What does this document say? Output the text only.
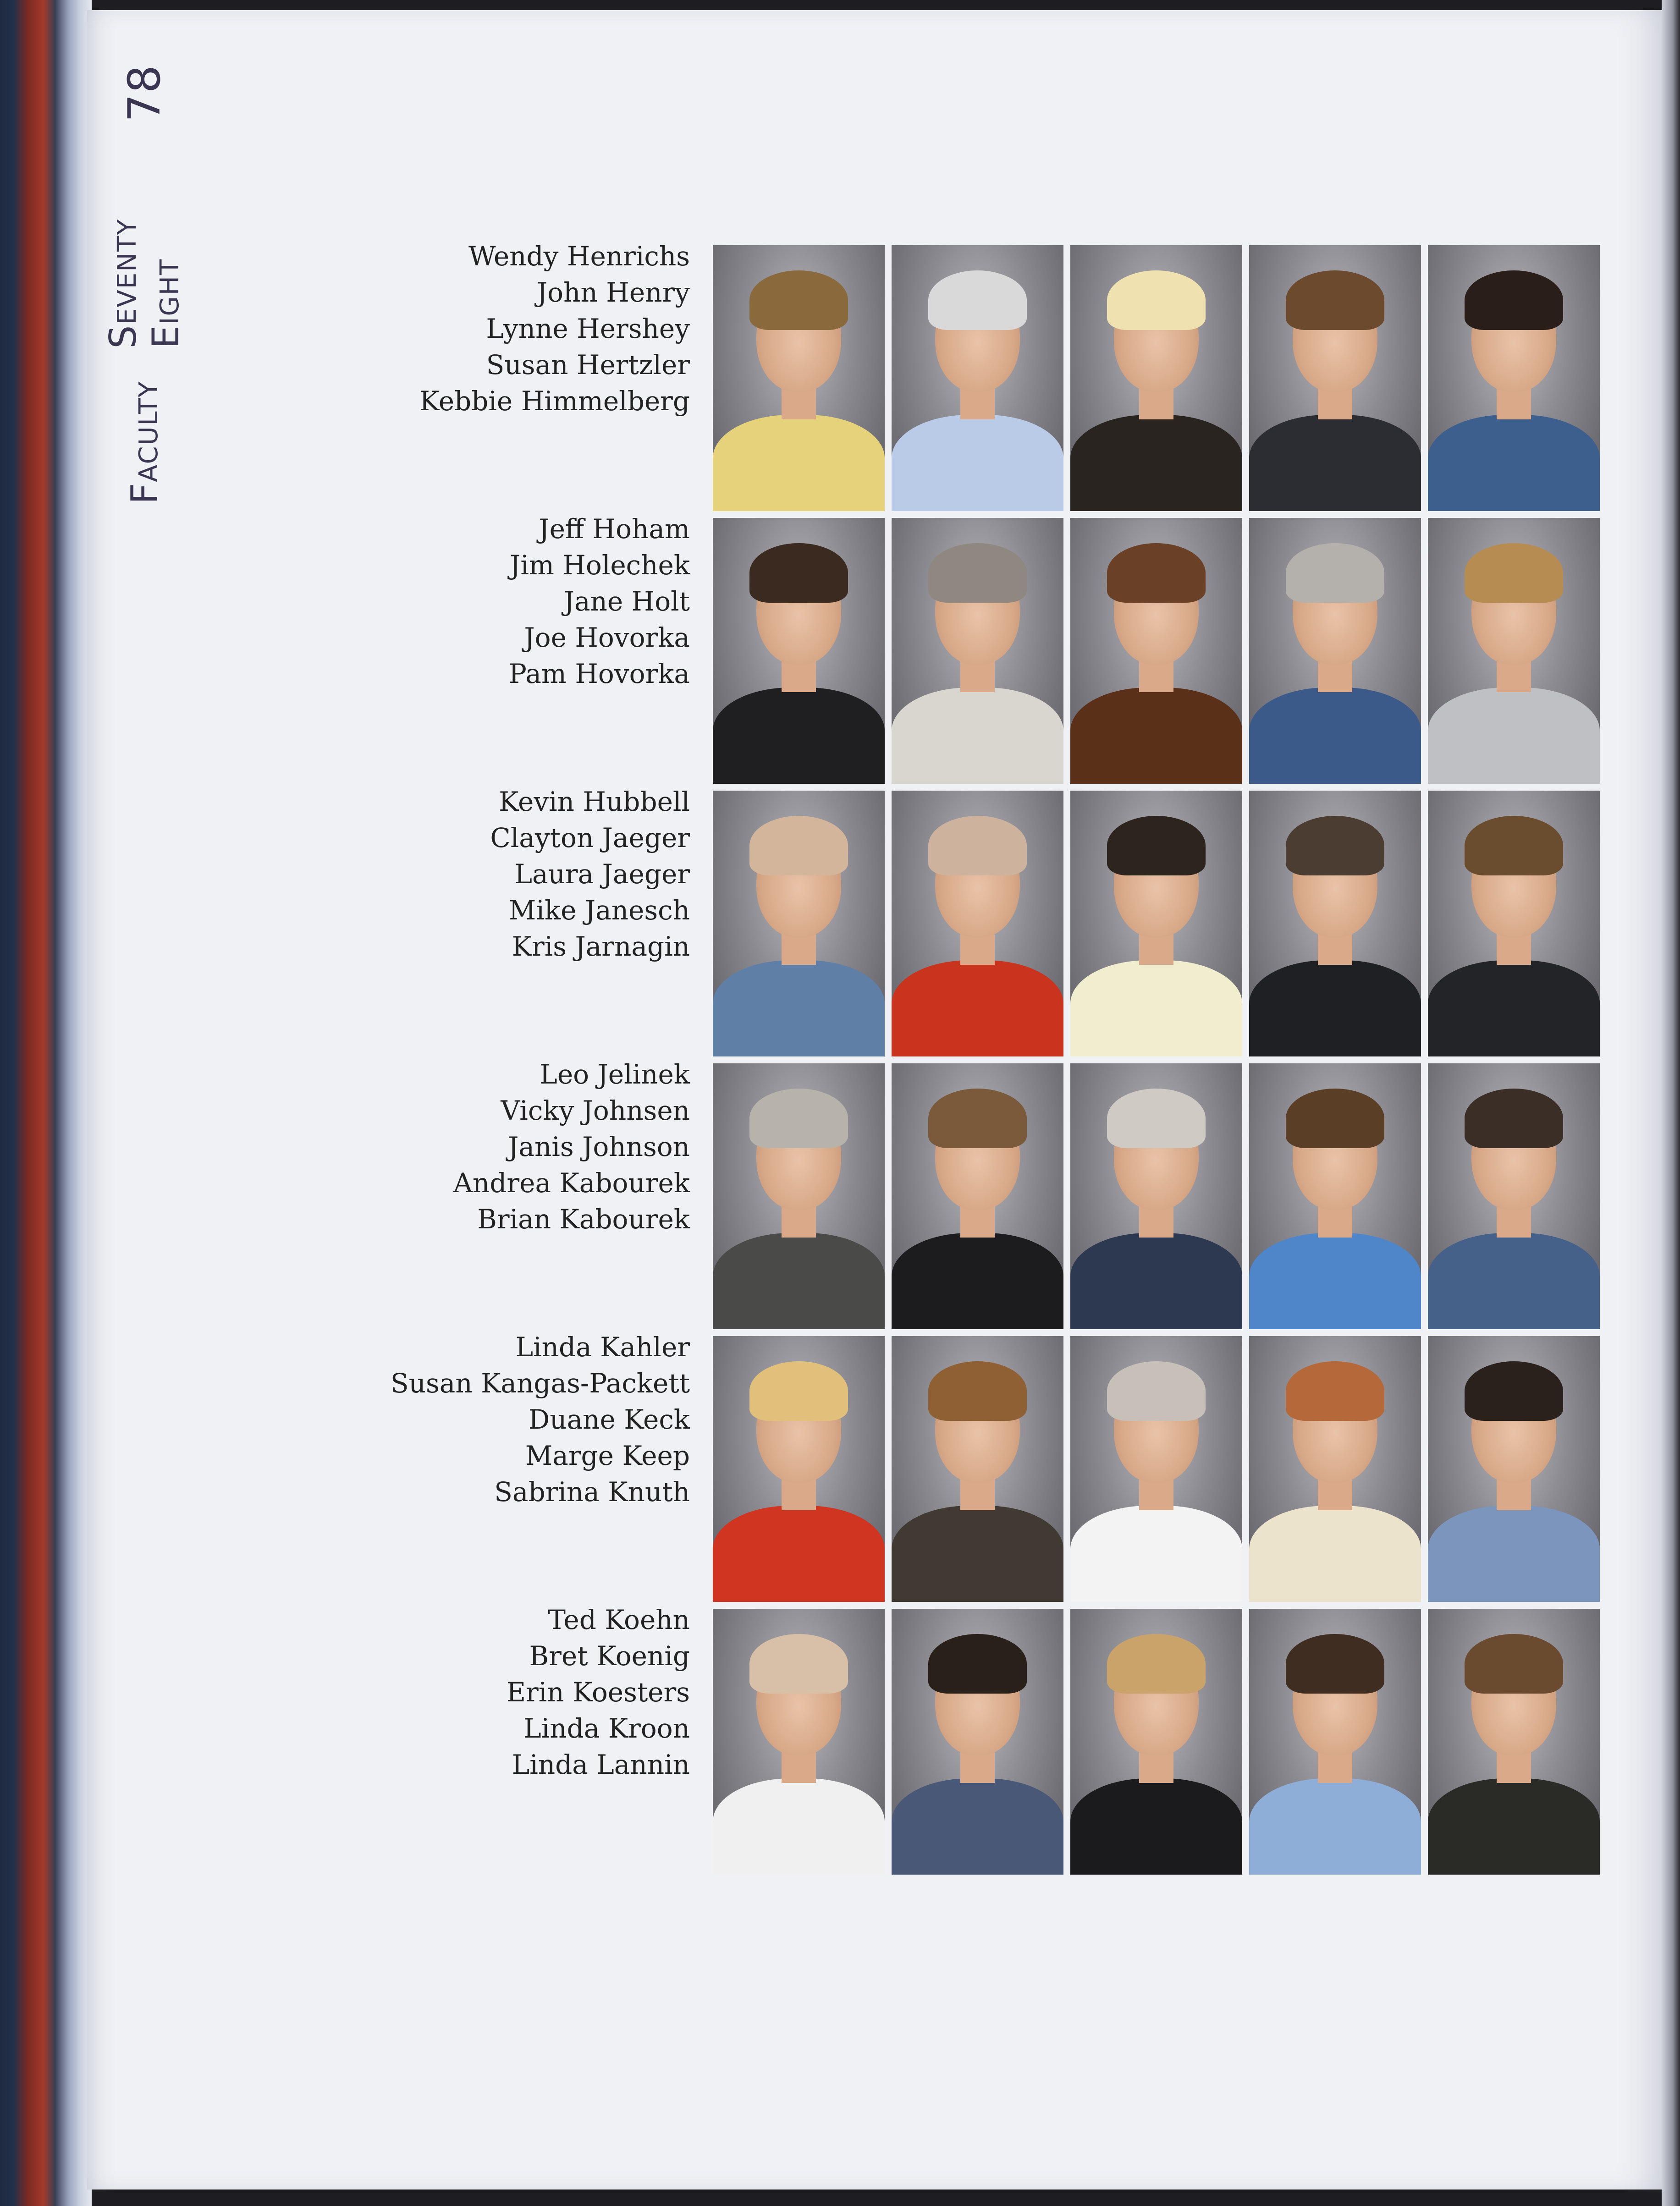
Faculty
Seventy Eight
78
Wendy Henrichs
John Henry
Lynne Hershey
Susan Hertzler
Kebbie Himmelberg
Jeff Hoham
Jim Holechek
Jane Holt
Joe Hovorka
Pam Hovorka
Kevin Hubbell
Clayton Jaeger
Laura Jaeger
Mike Janesch
Kris Jarnagin
Leo Jelinek
Vicky Johnsen
Janis Johnson
Andrea Kabourek
Brian Kabourek
Linda Kahler
Susan Kangas-Packett
Duane Keck
Marge Keep
Sabrina Knuth
Ted Koehn
Bret Koenig
Erin Koesters
Linda Kroon
Linda Lannin
